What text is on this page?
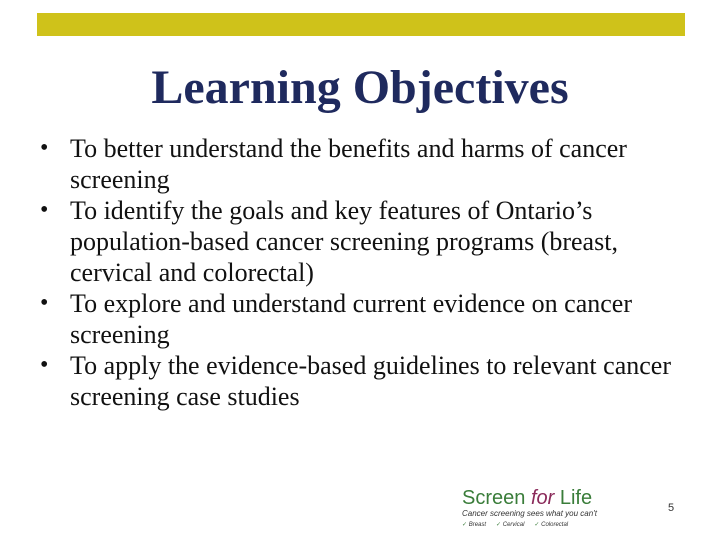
Learning Objectives
• To better understand the benefits and harms of cancer screening
• To identify the goals and key features of Ontario’s population-based cancer screening programs (breast, cervical and colorectal)
• To explore and understand current evidence on cancer screening
• To apply the evidence-based guidelines to relevant cancer screening case studies
Screen for Life
Cancer screening sees what you can't
✓ Breast ✓ Cervical ✓ Colorectal
5
